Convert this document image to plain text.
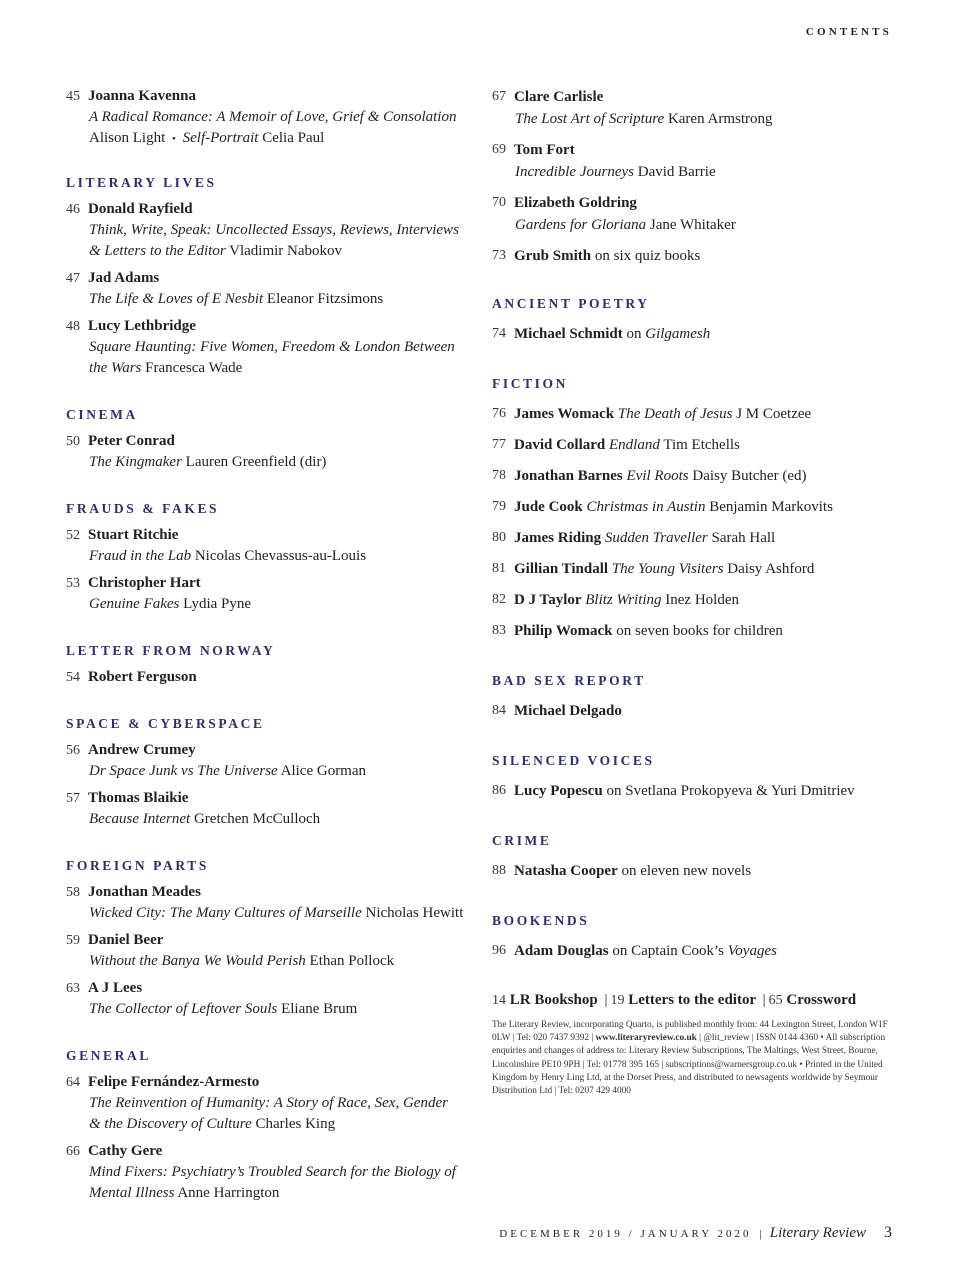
CONTENTS
45 Joanna Kavenna
A Radical Romance: A Memoir of Love, Grief & Consolation
Alison Light • Self-Portrait Celia Paul
LITERARY LIVES
46 Donald Rayfield
Think, Write, Speak: Uncollected Essays, Reviews, Interviews
& Letters to the Editor Vladimir Nabokov
47 Jad Adams
The Life & Loves of E Nesbit Eleanor Fitzsimons
48 Lucy Lethbridge
Square Haunting: Five Women, Freedom & London Between
the Wars Francesca Wade
CINEMA
50 Peter Conrad
The Kingmaker Lauren Greenfield (dir)
FRAUDS & FAKES
52 Stuart Ritchie
Fraud in the Lab Nicolas Chevassus-au-Louis
53 Christopher Hart
Genuine Fakes Lydia Pyne
LETTER FROM NORWAY
54 Robert Ferguson
SPACE & CYBERSPACE
56 Andrew Crumey
Dr Space Junk vs The Universe Alice Gorman
57 Thomas Blaikie
Because Internet Gretchen McCulloch
FOREIGN PARTS
58 Jonathan Meades
Wicked City: The Many Cultures of Marseille Nicholas Hewitt
59 Daniel Beer
Without the Banya We Would Perish Ethan Pollock
63 A J Lees
The Collector of Leftover Souls Eliane Brum
GENERAL
64 Felipe Fernández-Armesto
The Reinvention of Humanity: A Story of Race, Sex, Gender
& the Discovery of Culture Charles King
66 Cathy Gere
Mind Fixers: Psychiatry’s Troubled Search for the Biology of
Mental Illness Anne Harrington
67 Clare Carlisle
The Lost Art of Scripture Karen Armstrong
69 Tom Fort
Incredible Journeys David Barrie
70 Elizabeth Goldring
Gardens for Gloriana Jane Whitaker
73 Grub Smith on six quiz books
ANCIENT POETRY
74 Michael Schmidt on Gilgamesh
FICTION
76 James Womack The Death of Jesus J M Coetzee
77 David Collard Endland Tim Etchells
78 Jonathan Barnes Evil Roots Daisy Butcher (ed)
79 Jude Cook Christmas in Austin Benjamin Markovits
80 James Riding Sudden Traveller Sarah Hall
81 Gillian Tindall The Young Visiters Daisy Ashford
82 D J Taylor Blitz Writing Inez Holden
83 Philip Womack on seven books for children
BAD SEX REPORT
84 Michael Delgado
SILENCED VOICES
86 Lucy Popescu on Svetlana Prokopyeva & Yuri Dmitriev
CRIME
88 Natasha Cooper on eleven new novels
BOOKENDS
96 Adam Douglas on Captain Cook’s Voyages
14 LR Bookshop | 19 Letters to the editor | 65 Crossword
The Literary Review, incorporating Quarto, is published monthly from: 44 Lexington Street, London W1F 0LW | Tel: 020 7437 9392 | www.literaryreview.co.uk | @lit_review | ISSN 0144 4360 • All subscription enquiries and changes of address to: Literary Review Subscriptions, The Maltings, West Street, Bourne, Lincolnshire PE10 9PH | Tel: 01778 395 165 | subscriptions@warnersgroup.co.uk • Printed in the United Kingdom by Henry Ling Ltd, at the Dorset Press, and distributed to newsagents worldwide by Seymour Distribution Ltd | Tel: 0207 429 4000
DECEMBER 2019 / JANUARY 2020 | Literary Review 3
